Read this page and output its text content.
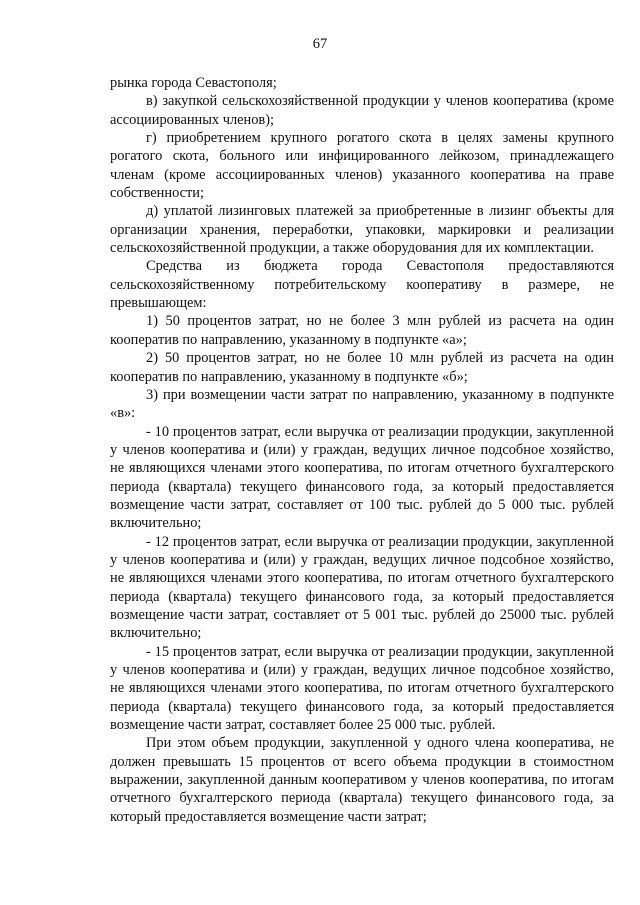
67

рынка города Севастополя;

в) закупкой сельскохозяйственной продукции у членов кооператива (кроме ассоциированных членов);

г) приобретением крупного рогатого скота в целях замены крупного рогатого скота, больного или инфицированного лейкозом, принадлежащего членам (кроме ассоциированных членов) указанного кооператива на праве собственности;

д) уплатой лизинговых платежей за приобретенные в лизинг объекты для организации хранения, переработки, упаковки, маркировки и реализации сельскохозяйственной продукции, а также оборудования для их комплектации.

Средства из бюджета города Севастополя предоставляются сельскохозяйственному потребительскому кооперативу в размере, не превышающем:

1) 50 процентов затрат, но не более 3 млн рублей из расчета на один кооператив по направлению, указанному в подпункте «а»;

2) 50 процентов затрат, но не более 10 млн рублей из расчета на один кооператив по направлению, указанному в подпункте «б»;

3) при возмещении части затрат по направлению, указанному в подпункте «в»:

- 10 процентов затрат, если выручка от реализации продукции, закупленной у членов кооператива и (или) у граждан, ведущих личное подсобное хозяйство, не являющихся членами этого кооператива, по итогам отчетного бухгалтерского периода (квартала) текущего финансового года, за который предоставляется возмещение части затрат, составляет от 100 тыс. рублей до 5 000 тыс. рублей включительно;

- 12 процентов затрат, если выручка от реализации продукции, закупленной у членов кооператива и (или) у граждан, ведущих личное подсобное хозяйство, не являющихся членами этого кооператива, по итогам отчетного бухгалтерского периода (квартала) текущего финансового года, за который предоставляется возмещение части затрат, составляет от 5 001 тыс. рублей до 25000 тыс. рублей включительно;

- 15 процентов затрат, если выручка от реализации продукции, закупленной у членов кооператива и (или) у граждан, ведущих личное подсобное хозяйство, не являющихся членами этого кооператива, по итогам отчетного бухгалтерского периода (квартала) текущего финансового года, за который предоставляется возмещение части затрат, составляет более 25 000 тыс. рублей.

При этом объем продукции, закупленной у одного члена кооператива, не должен превышать 15 процентов от всего объема продукции в стоимостном выражении, закупленной данным кооперативом у членов кооператива, по итогам отчетного бухгалтерского периода (квартала) текущего финансового года, за который предоставляется возмещение части затрат;
